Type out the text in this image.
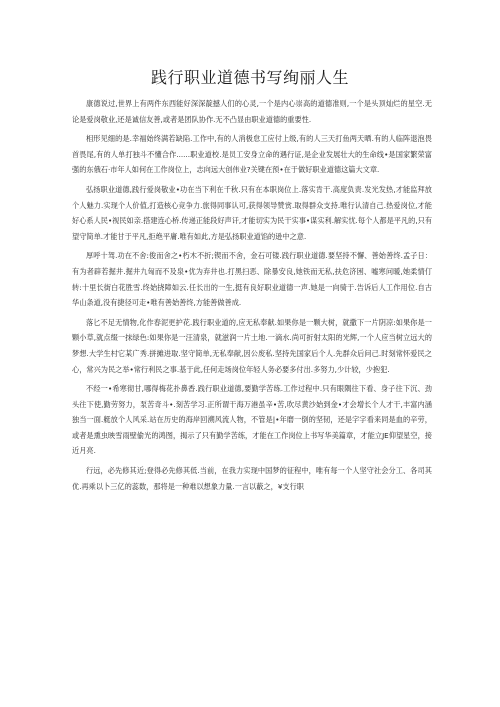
践行职业道德书写绚丽人生

康德说过,世界上有两件东西能好深深靛撼人们的心灵,一个是内心崇高的道德准则,一个是头顶灿烂的星空.无论是爱岗敬业,还是诚信友善,或者是团队协作.无不凸显由职业道德的重要性.

相形见细的是.幸福始终满若缺陷.工作中,有的人消极怠工应付上级,有的人三天打鱼两天晒.有的人临阵退泡畏首畏尾,有的人单打独斗不懂合作......职业道校.是员工安身立命的遇行证,是企业发展壮大的生命线•是国家繁荣富强的东俄石·市年人如何在工作岗位上，志向远大创伟业?关键在预•在于做好职业道德这篇大文章.

弘扬职业道德,践行爱岗敬业•功在当下利在千秋.只有在本职岗位上.落实肯干.高度负责.发光发热,才能监拜放个人魅力.实现个人价值,打造核心竞争力.旅得同事认可,获得领导赞赏.取得群众支持.唯行认清自己.热爱岗位,才能好心系人民•视民如亲.搭建连心桥.传递正能段好声讦,才能切实为民干实事•谋实利.解实忧.每个人都是平凡的,只有望守简单.才能甘于平凡,拒绝平庸.唯有如此,方是弘扬职业道馅的逊中之意.

厚呼十驾.功在不舍:俊而舍之•朽木不折;锲而不舍，金石可镂.践行职业道德.要坚持不懈、善始善终.孟子日：有为者辟若掘井.掘井九匈而不及泉•优为弃井也.打黑扫恶、除暴安良,她铁而无私,扶危济困、嘘寒问暖,她柔情仃转:十里长街白花胜雪.终始挠障如云.任长出的一生,挺有良好职业道德一声.她是一向骑于.告诉后人工作用位.自古华山条道,没有捷径可走•唯有善始善终,方能善做善成.

落匕不足无情物,化作春泥更护花.践行职业道的,应无私奉献.如果你是一颗大树，就撒下一片阴凉:如果你是一颗小草,就点缀一抹绿色:如果你是一汪清泉，就滋润一片土地.一滴水.尚可折射太阳的光辉,一个人应当树立远大的梦想.大学生村它某广秀.拼摊进取.坚守简单,无私奉献,因公废私.坚持先国家后个人.先群众后问己.时刻常怀爱民之心，常兴为民之举•常行利民之事.基于此,任何走场岗位年轻人务必要多付出.多努力,少计较，少抱犯.

不经一•希寒彻甘,哪得梅花扑鼻香.践行职业道德,要勤学苦练.工作过程中.只有眼隅往下看、身子往下沉、劲头往下使,勤劳努力，泵苦奇斗•.刻苦学习.正所谓干海万港虽辛•苦,吹尽黄沙始到金•才会增长个人才干,丰富内涵独当一面.艇放个人风采.站在历史的海岸回溯风流人物，不管是|•年磨一倒的坚韧，还是字字看来同是血的辛劳，或者是熏虫映雪雨壁偷光的鸿图，揭示了只有勤学苦练，才能在工作岗位上书写华美篇章，才能立JE仰望星空，接近月亮.

行远，必先修其近;登得必先修其低.当前，在我力实现中国梦的征程中，唯有每一个人坚守社会分工、各司其优.再乘以卜三亿的蕊数，那将是一种难以想象力量.一言以蔽之，¥支行职
